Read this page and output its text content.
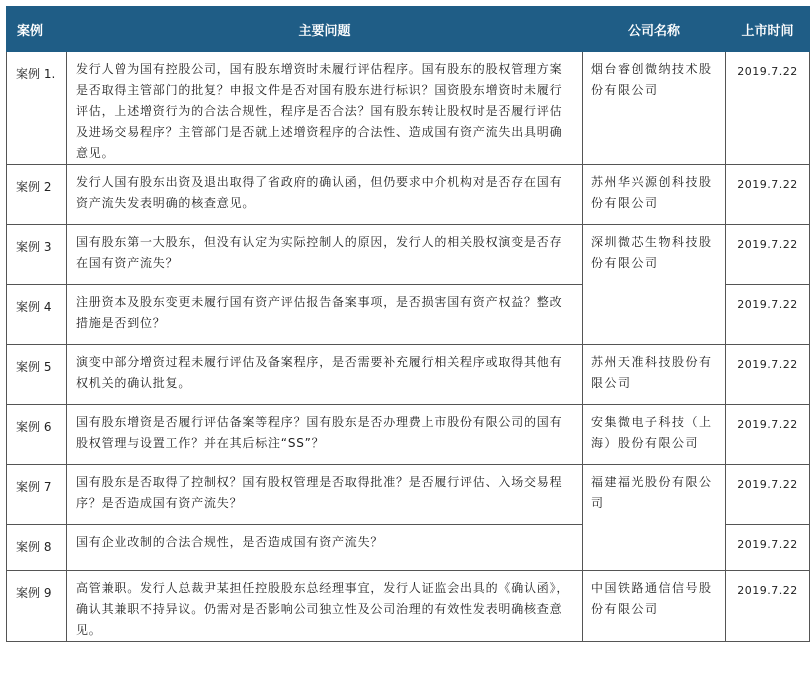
案例	主要问题	公司名称	上市时间
案例 1.	发行人曾为国有控股公司，国有股东增资时未履行评估程序。国有股东的股权管理方案是否取得主管部门的批复？申报文件是否对国有股东进行标识？国资股东增资时未履行评估，上述增资行为的合法合规性，程序是否合法？国有股东转让股权时是否履行评估及进场交易程序？主管部门是否就上述增资程序的合法性、造成国有资产流失出具明确意见。	烟台睿创微纳技术股份有限公司	2019.7.22
案例 2	发行人国有股东出资及退出取得了省政府的确认函，但仍要求中介机构对是否存在国有资产流失发表明确的核查意见。	苏州华兴源创科技股份有限公司	2019.7.22
案例 3	国有股东第一大股东，但没有认定为实际控制人的原因，发行人的相关股权演变是否存在国有资产流失？	深圳微芯生物科技股份有限公司	2019.7.22
案例 4	注册资本及股东变更未履行国有资产评估报告备案事项，是否损害国有资产权益？整改措施是否到位？		2019.7.22
案例 5	演变中部分增资过程未履行评估及备案程序，是否需要补充履行相关程序或取得其他有权机关的确认批复。	苏州天准科技股份有限公司	2019.7.22
案例 6	国有股东增资是否履行评估备案等程序？国有股东是否办理费上市股份有限公司的国有股权管理与设置工作？并在其后标注“SS”？	安集微电子科技（上海）股份有限公司	2019.7.22
案例 7	国有股东是否取得了控制权？国有股权管理是否取得批准？是否履行评估、入场交易程序？是否造成国有资产流失？	福建福光股份有限公司	2019.7.22
案例 8	国有企业改制的合法合规性，是否造成国有资产流失？		2019.7.22
案例 9	高管兼职。发行人总裁尹某担任控股股东总经理事宜，发行人证监会出具的《确认函》，确认其兼职不持异议。仍需对是否影响公司独立性及公司治理的有效性发表明确核查意见。	中国铁路通信信号股份有限公司	2019.7.22
